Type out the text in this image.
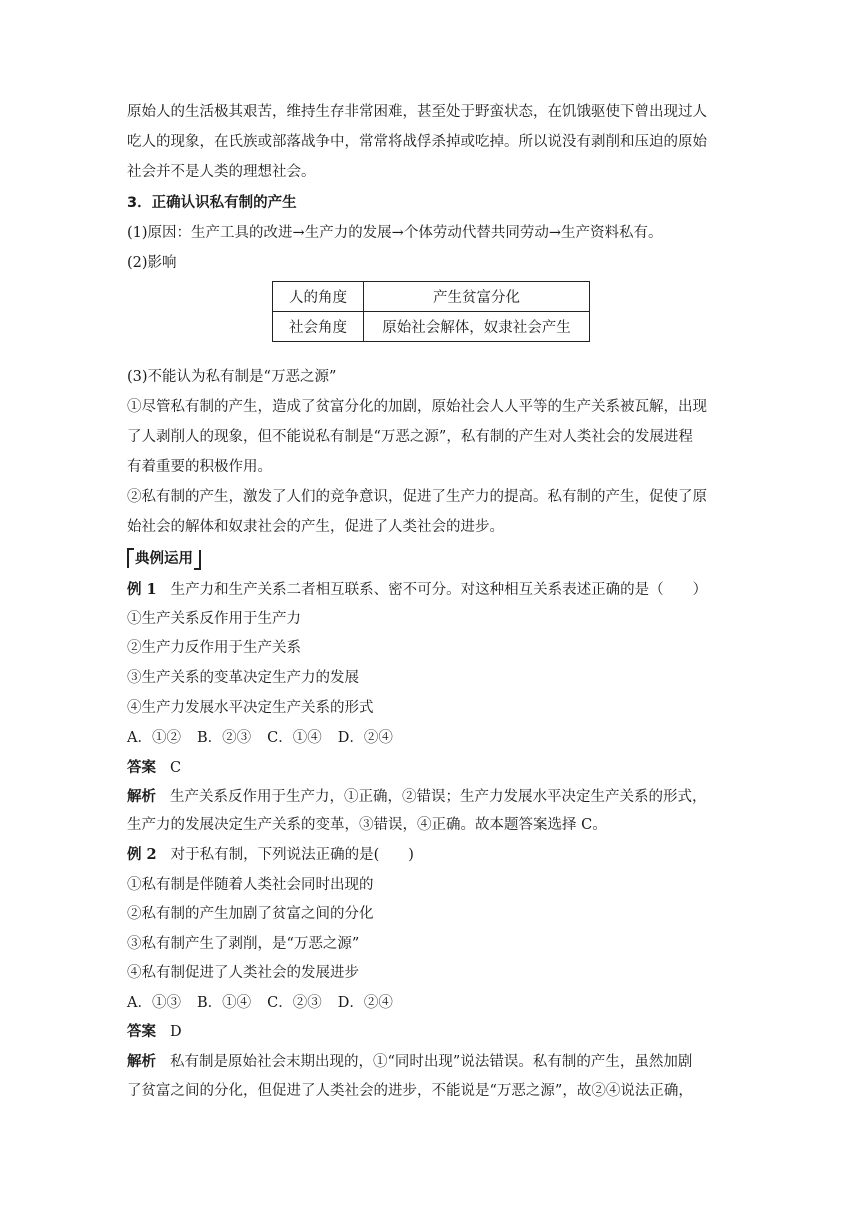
原始人的生活极其艰苦，维持生存非常困难，甚至处于野蛮状态，在饥饿驱使下曾出现过人
吃人的现象，在氏族或部落战争中，常常将战俘杀掉或吃掉。所以说没有剥削和压迫的原始
社会并不是人类的理想社会。
3．正确认识私有制的产生
(1)原因：生产工具的改进→生产力的发展→个体劳动代替共同劳动→生产资料私有。
(2)影响
人的角度	产生贫富分化
社会角度	原始社会解体，奴隶社会产生
(3)不能认为私有制是“万恶之源”
①尽管私有制的产生，造成了贫富分化的加剧，原始社会人人平等的生产关系被瓦解，出现
了人剥削人的现象，但不能说私有制是“万恶之源”，私有制的产生对人类社会的发展进程
有着重要的积极作用。
②私有制的产生，激发了人们的竞争意识，促进了生产力的提高。私有制的产生，促使了原
始社会的解体和奴隶社会的产生，促进了人类社会的进步。
典例运用
例 1 生产力和生产关系二者相互联系、密不可分。对这种相互关系表述正确的是（　　）
①生产关系反作用于生产力
②生产力反作用于生产关系
③生产关系的变革决定生产力的发展
④生产力发展水平决定生产关系的形式
A．①② B．②③ C．①④ D．②④
答案 C
解析 生产关系反作用于生产力，①正确，②错误；生产力发展水平决定生产关系的形式，
生产力的发展决定生产关系的变革，③错误，④正确。故本题答案选择 C。
例 2 对于私有制，下列说法正确的是(　　)
①私有制是伴随着人类社会同时出现的
②私有制的产生加剧了贫富之间的分化
③私有制产生了剥削，是“万恶之源”
④私有制促进了人类社会的发展进步
A．①③ B．①④ C．②③ D．②④
答案 D
解析 私有制是原始社会末期出现的，①“同时出现”说法错误。私有制的产生，虽然加剧
了贫富之间的分化，但促进了人类社会的进步，不能说是“万恶之源”，故②④说法正确，
